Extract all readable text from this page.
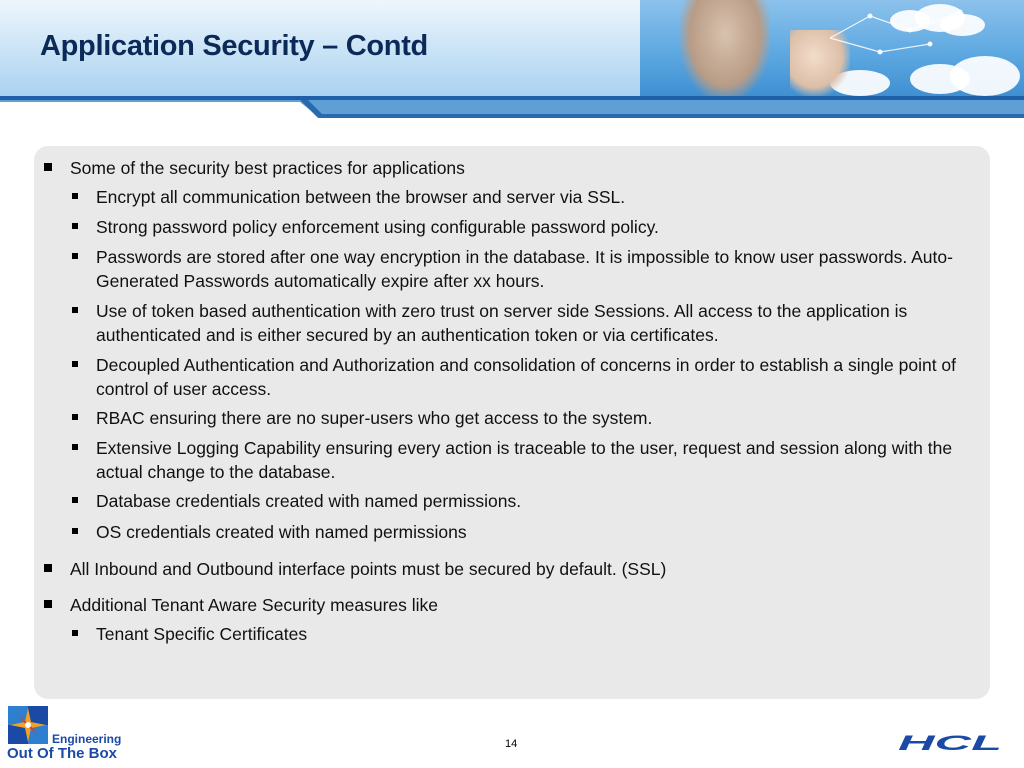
Application Security – Contd
Some of the security best practices for applications
Encrypt all communication between the browser and server via SSL.
Strong password policy enforcement using configurable password policy.
Passwords are stored after one way encryption in the database. It is impossible to know user passwords. Auto-Generated Passwords automatically expire after xx hours.
Use of token based authentication with zero trust on server side Sessions. All access to the application is authenticated and is either secured by an authentication token or via certificates.
Decoupled Authentication and Authorization and consolidation of concerns in order to establish a single point of control of user access.
RBAC ensuring there are no super-users who get access to the system.
Extensive Logging Capability ensuring every action is traceable to the user, request and session along with the actual change to the database.
Database credentials created with named permissions.
OS credentials created with named permissions
All Inbound and Outbound interface points must be secured by default. (SSL)
Additional Tenant Aware Security measures like
Tenant Specific Certificates
Engineering
Out Of The Box
14	HCL
